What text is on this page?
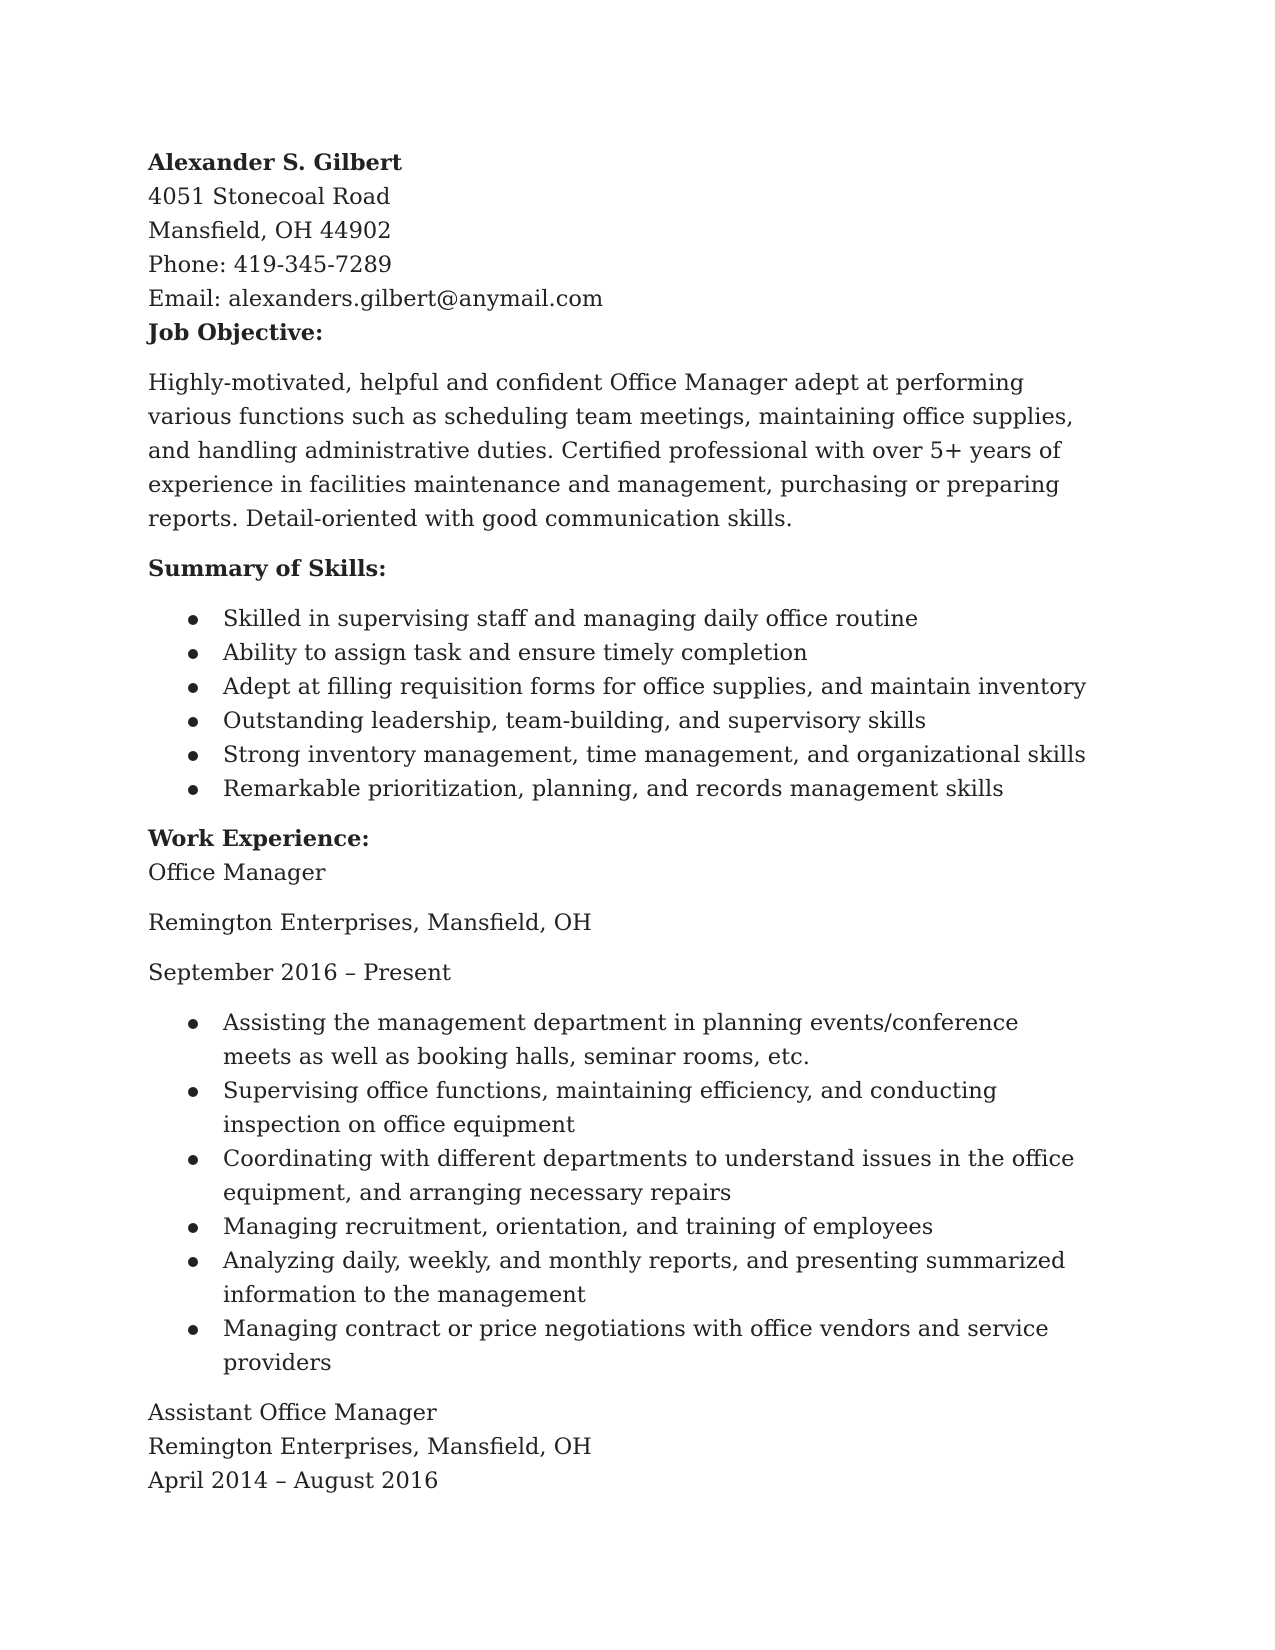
Alexander S. Gilbert

4051 Stonecoal Road

Mansfield, OH 44902

Phone: 419-345-7289

Email: alexanders.gilbert@anymail.com

Job Objective:

Highly-motivated, helpful and confident Office Manager adept at performing various functions such as scheduling team meetings, maintaining office supplies, and handling administrative duties. Certified professional with over 5+ years of experience in facilities maintenance and management, purchasing or preparing reports. Detail-oriented with good communication skills.

Summary of Skills:

Skilled in supervising staff and managing daily office routine
Ability to assign task and ensure timely completion
Adept at filling requisition forms for office supplies, and maintain inventory
Outstanding leadership, team-building, and supervisory skills
Strong inventory management, time management, and organizational skills
Remarkable prioritization, planning, and records management skills

Work Experience:

Office Manager

Remington Enterprises, Mansfield, OH

September 2016 – Present

Assisting the management department in planning events/conference meets as well as booking halls, seminar rooms, etc.
Supervising office functions, maintaining efficiency, and conducting inspection on office equipment
Coordinating with different departments to understand issues in the office equipment, and arranging necessary repairs
Managing recruitment, orientation, and training of employees
Analyzing daily, weekly, and monthly reports, and presenting summarized information to the management
Managing contract or price negotiations with office vendors and service providers

Assistant Office Manager

Remington Enterprises, Mansfield, OH

April 2014 – August 2016
